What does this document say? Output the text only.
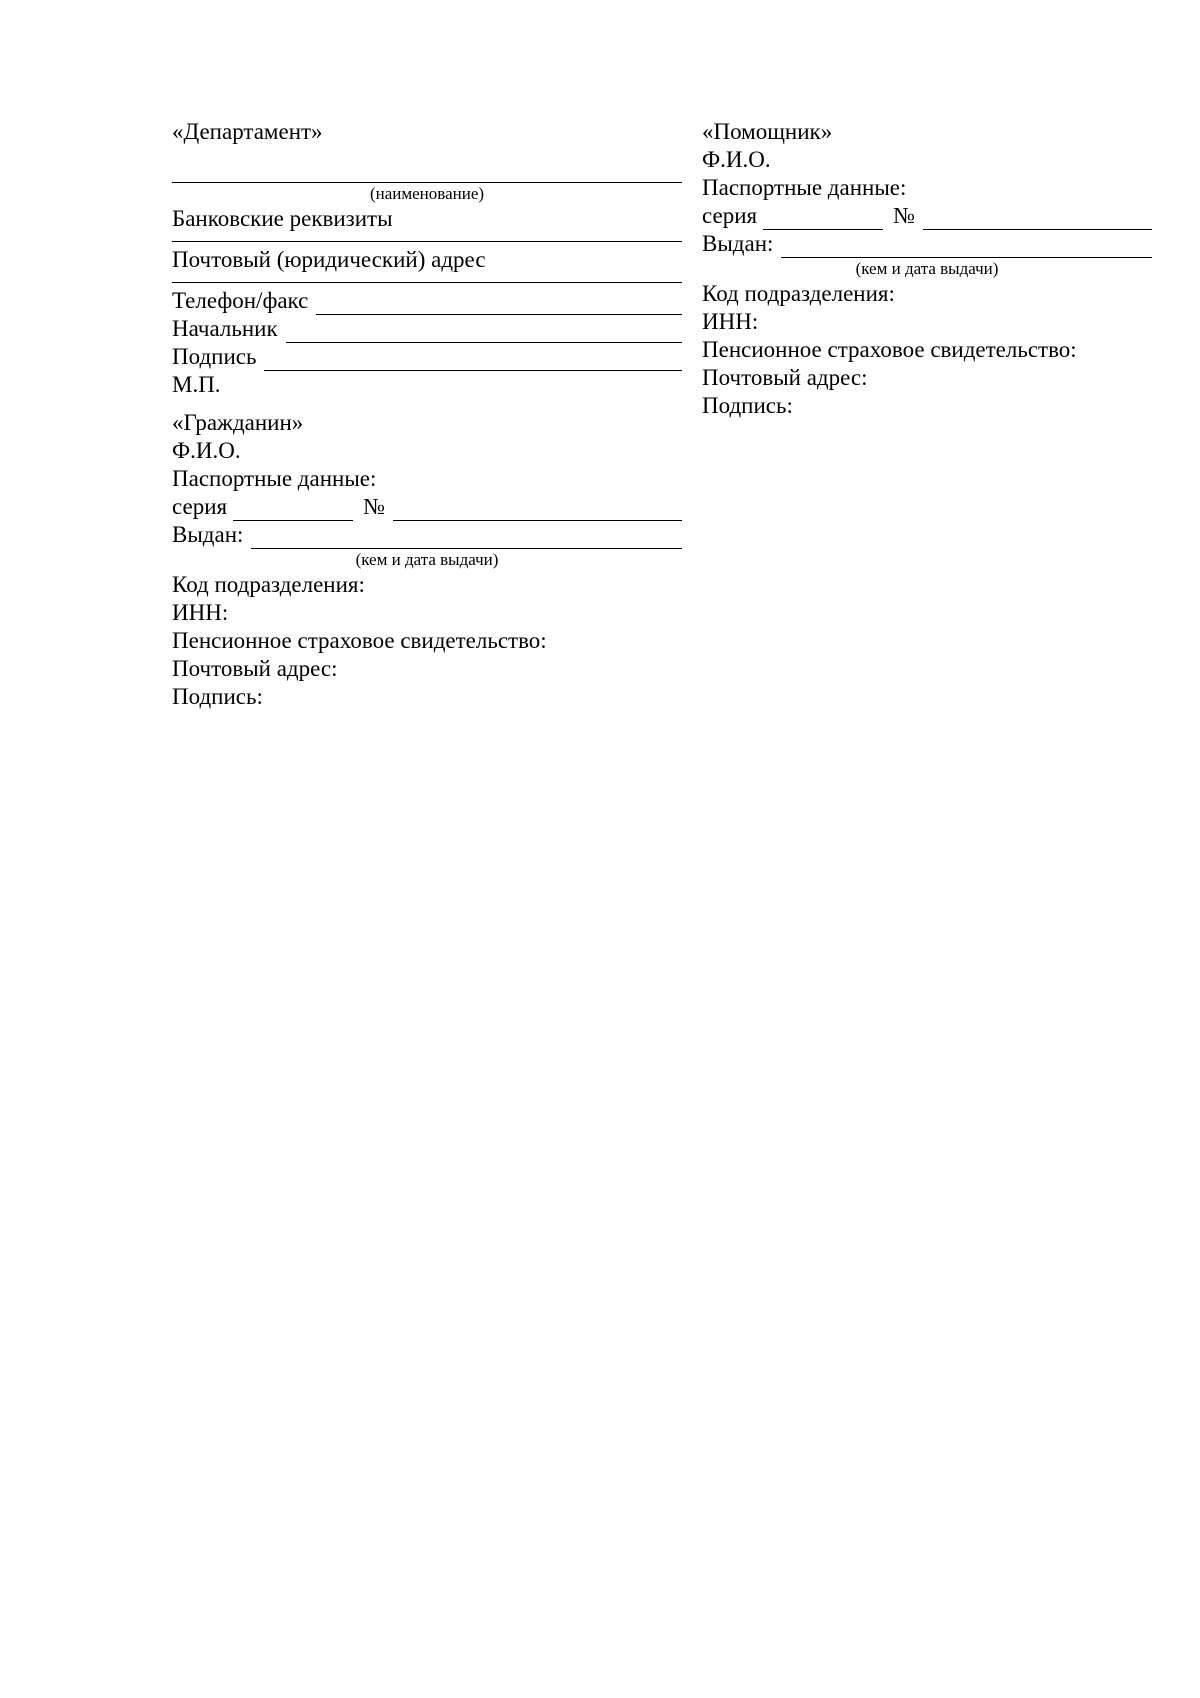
«Департамент»
(наименование)
Банковские реквизиты
Почтовый (юридический) адрес
Телефон/факс
Начальник
Подпись
М.П.
«Гражданин»
Ф.И.О.
Паспортные данные:
серия	№
Выдан:
(кем и дата выдачи)
Код подразделения:
ИНН:
Пенсионное страховое свидетельство:
Почтовый адрес:
Подпись:
«Помощник»
Ф.И.О.
Паспортные данные:
серия	№
Выдан:
(кем и дата выдачи)
Код подразделения:
ИНН:
Пенсионное страховое свидетельство:
Почтовый адрес:
Подпись:
